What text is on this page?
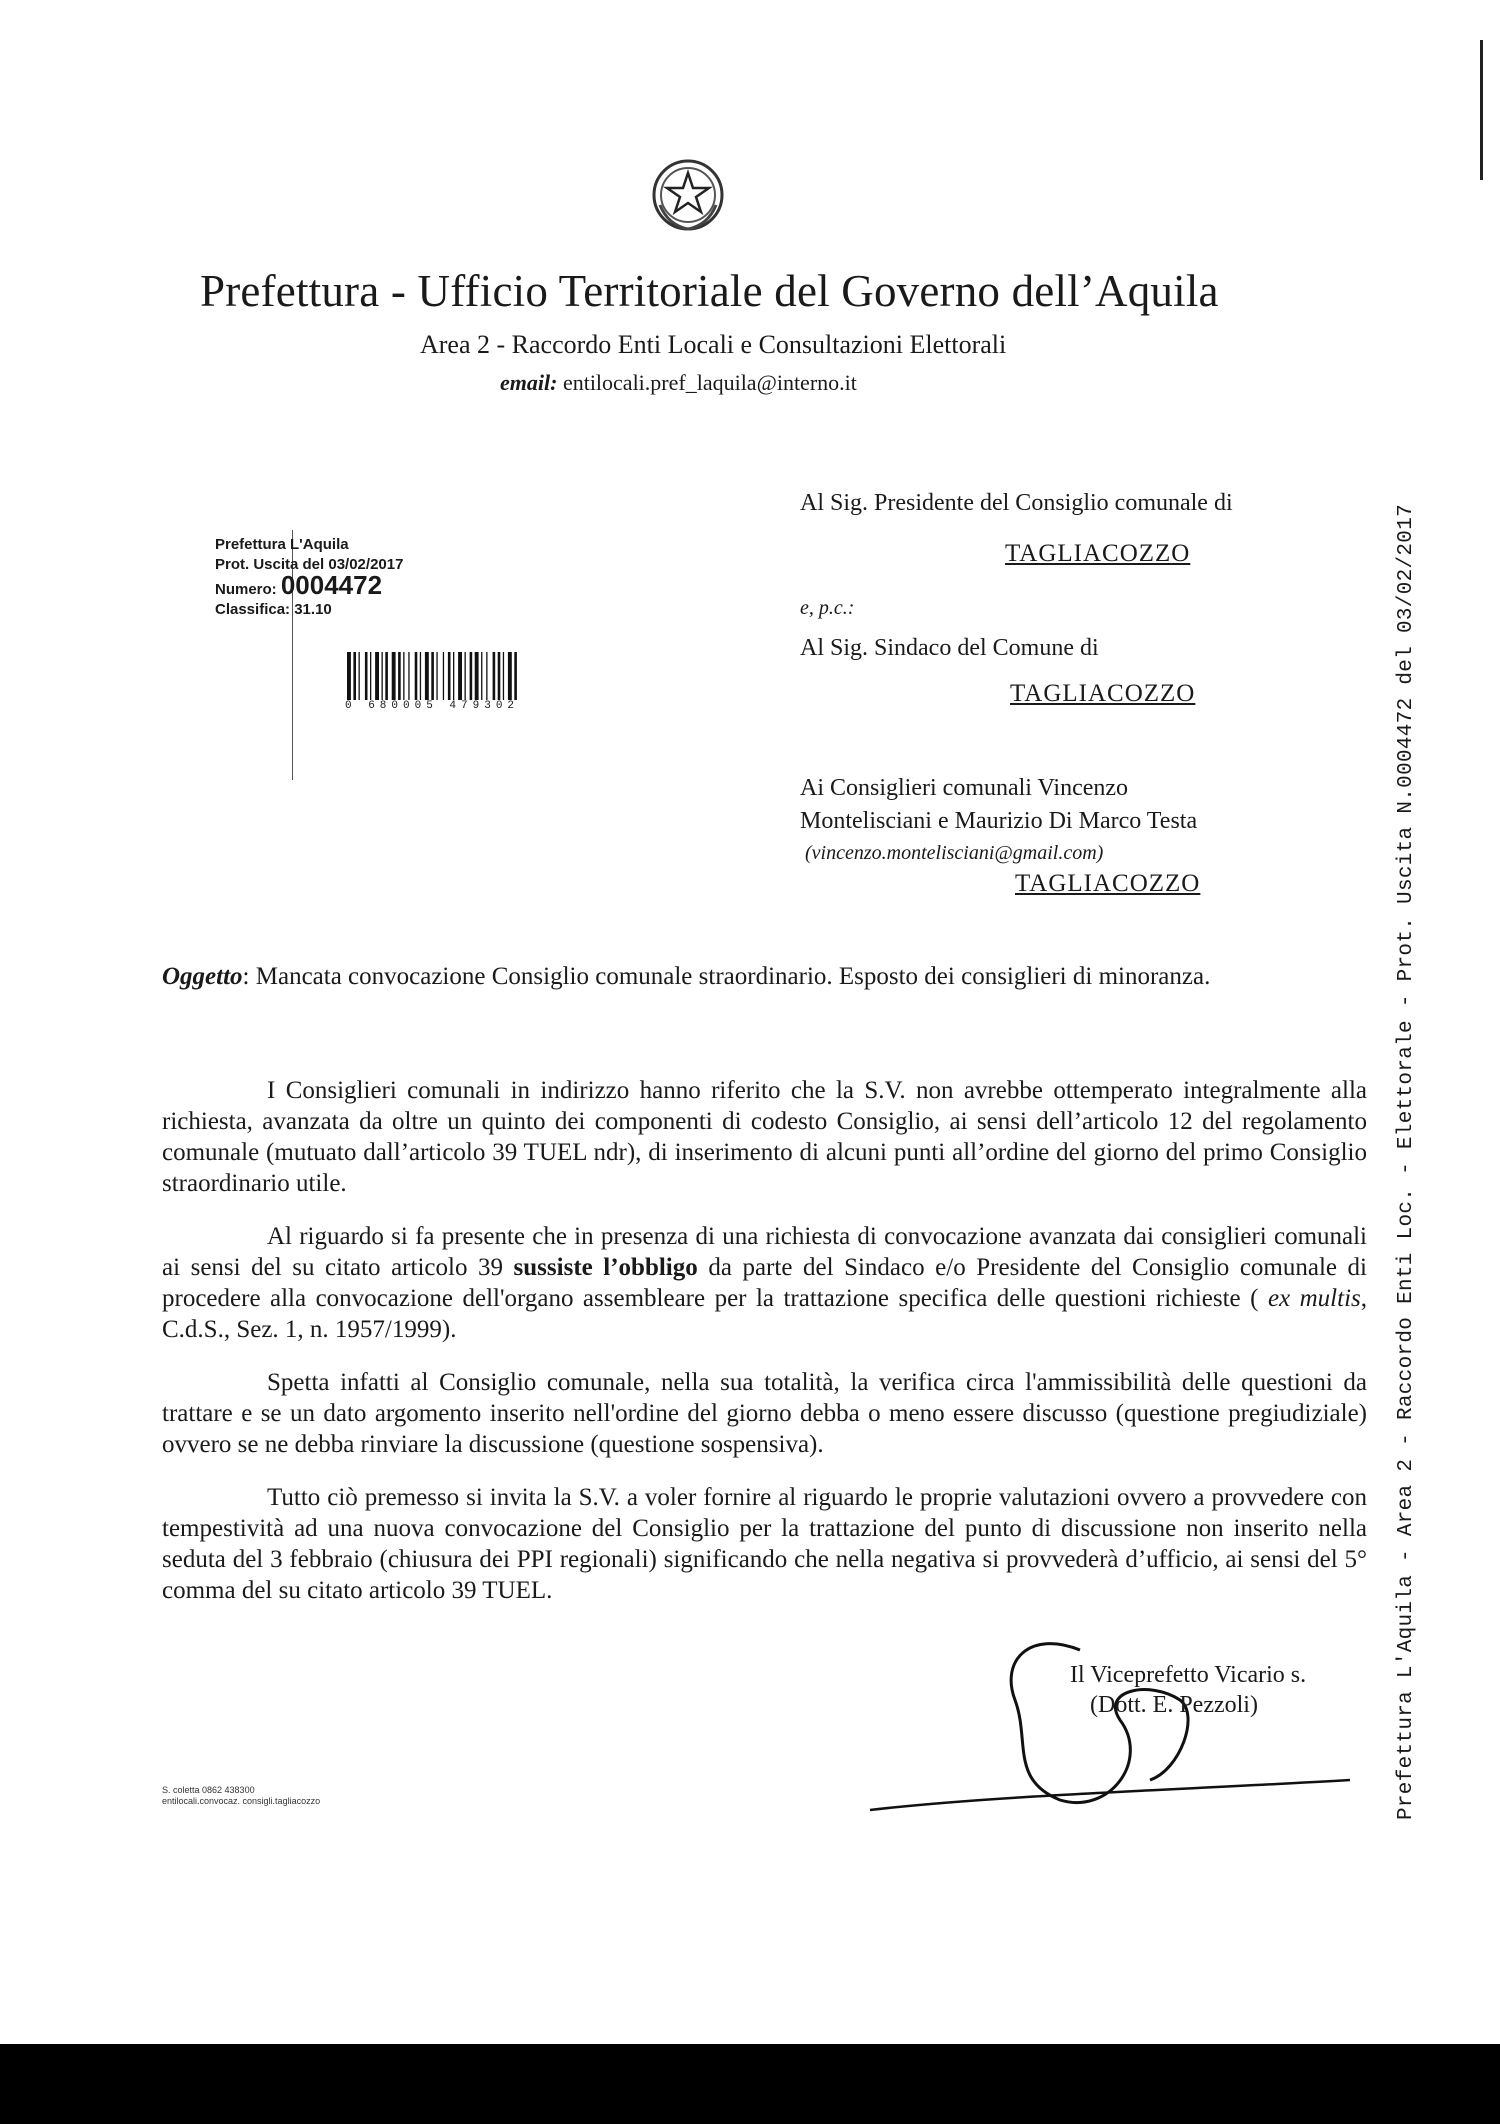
Prefettura - Ufficio Territoriale del Governo dell’Aquila
Area 2 - Raccordo Enti Locali e Consultazioni Elettorali
email: entilocali.pref_laquila@interno.it
Prefettura L'Aquila
Prot. Uscita del 03/02/2017
Numero: 0004472
Classifica: 31.10
0 680005 479302
Al Sig. Presidente del Consiglio comunale di
TAGLIACOZZO
e, p.c.:
Al Sig. Sindaco del Comune di
TAGLIACOZZO
Ai Consiglieri comunali Vincenzo
Montelisciani e Maurizio Di Marco Testa
(vincenzo.montelisciani@gmail.com)
TAGLIACOZZO
Oggetto: Mancata convocazione Consiglio comunale straordinario. Esposto dei consiglieri di minoranza.

I Consiglieri comunali in indirizzo hanno riferito che la S.V. non avrebbe ottemperato integralmente alla richiesta, avanzata da oltre un quinto dei componenti di codesto Consiglio, ai sensi dell’articolo 12 del regolamento comunale (mutuato dall’articolo 39 TUEL ndr), di inserimento di alcuni punti all’ordine del giorno del primo Consiglio straordinario utile.

Al riguardo si fa presente che in presenza di una richiesta di convocazione avanzata dai consiglieri comunali ai sensi del su citato articolo 39 sussiste l’obbligo da parte del Sindaco e/o Presidente del Consiglio comunale di procedere alla convocazione dell'organo assembleare per la trattazione specifica delle questioni richieste ( ex multis, C.d.S., Sez. 1, n. 1957/1999).

Spetta infatti al Consiglio comunale, nella sua totalità, la verifica circa l'ammissibilità delle questioni da trattare e se un dato argomento inserito nell'ordine del giorno debba o meno essere discusso (questione pregiudiziale) ovvero se ne debba rinviare la discussione (questione sospensiva).

Tutto ciò premesso si invita la S.V. a voler fornire al riguardo le proprie valutazioni ovvero a provvedere con tempestività ad una nuova convocazione del Consiglio per la trattazione del punto di discussione non inserito nella seduta del 3 febbraio (chiusura dei PPI regionali) significando che nella negativa si provvederà d’ufficio, ai sensi del 5° comma del su citato articolo 39 TUEL.

Il Viceprefetto Vicario s.
(Dott. E. Pezzoli)
S. coletta 0862 438300
entilocali.convocaz. consigli.tagliacozzo	Prefettura L'Aquila - Area 2 - Raccordo Enti Loc. - Elettorale - Prot. Uscita N.0004472 del 03/02/2017
